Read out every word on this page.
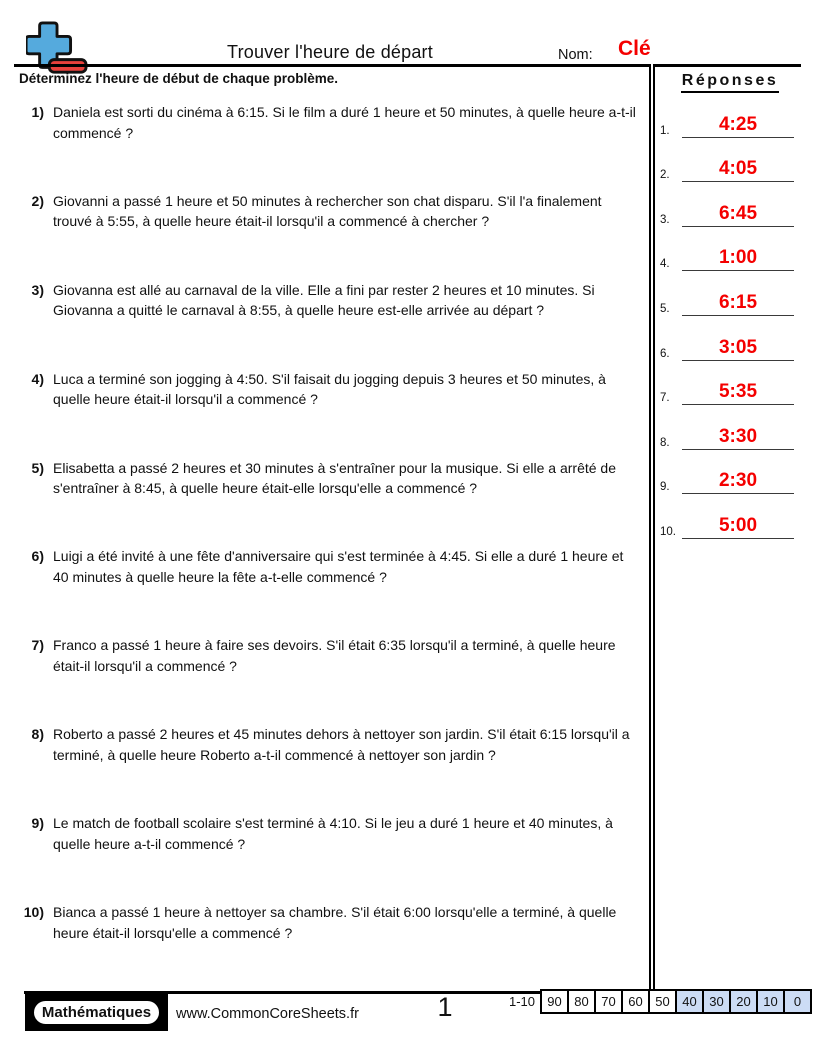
Trouver l'heure de départ	Nom: Clé
Déterminez l'heure de début de chaque problème.
1) Daniela est sorti du cinéma à 6:15. Si le film a duré 1 heure et 50 minutes, à quelle heure a-t-il commencé ?
2) Giovanni a passé 1 heure et 50 minutes à rechercher son chat disparu. S'il l'a finalement trouvé à 5:55, à quelle heure était-il lorsqu'il a commencé à chercher ?
3) Giovanna est allé au carnaval de la ville. Elle a fini par rester 2 heures et 10 minutes. Si Giovanna a quitté le carnaval à 8:55, à quelle heure est-elle arrivée au départ ?
4) Luca a terminé son jogging à 4:50. S'il faisait du jogging depuis 3 heures et 50 minutes, à quelle heure était-il lorsqu'il a commencé ?
5) Elisabetta a passé 2 heures et 30 minutes à s'entraîner pour la musique. Si elle a arrêté de s'entraîner à 8:45, à quelle heure était-elle lorsqu'elle a commencé ?
6) Luigi a été invité à une fête d'anniversaire qui s'est terminée à 4:45. Si elle a duré 1 heure et 40 minutes à quelle heure la fête a-t-elle commencé ?
7) Franco a passé 1 heure à faire ses devoirs. S'il était 6:35 lorsqu'il a terminé, à quelle heure était-il lorsqu'il a commencé ?
8) Roberto a passé 2 heures et 45 minutes dehors à nettoyer son jardin. S'il était 6:15 lorsqu'il a terminé, à quelle heure Roberto a-t-il commencé à nettoyer son jardin ?
9) Le match de football scolaire s'est terminé à 4:10. Si le jeu a duré 1 heure et 40 minutes, à quelle heure a-t-il commencé ?
10) Bianca a passé 1 heure à nettoyer sa chambre. S'il était 6:00 lorsqu'elle a terminé, à quelle heure était-il lorsqu'elle a commencé ?
Réponses
1.	4:25
2.	4:05
3.	6:45
4.	1:00
5.	6:15
6.	3:05
7.	5:35
8.	3:30
9.	2:30
10.	5:00
Mathématiques	www.CommonCoreSheets.fr	1	1-10 90 80 70 60 50 40 30 20 10	0
